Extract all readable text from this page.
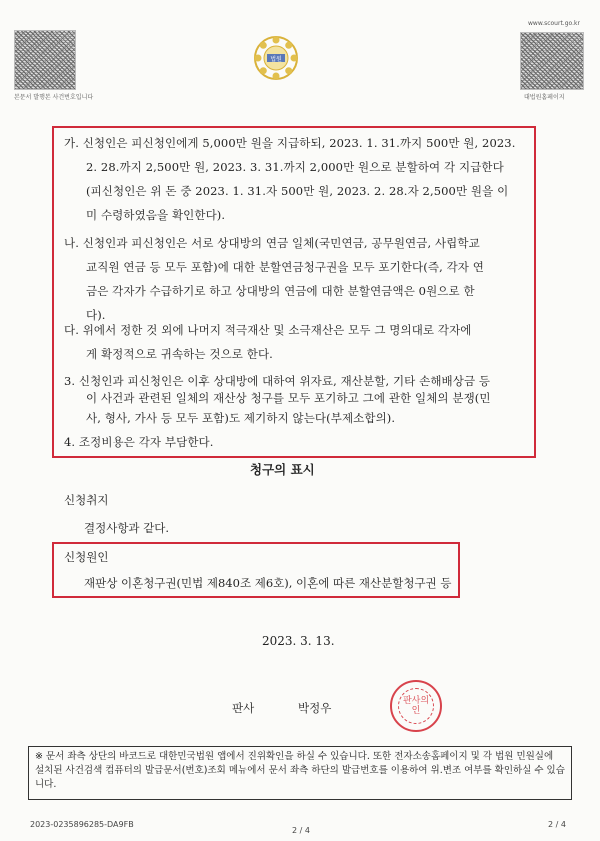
www.scourt.go.kr
본문서 발행본 사건번호입니다	대법원홈페이지
법원
가. 신청인은 피신청인에게 5,000만 원을 지급하되, 2023. 1. 31.까지 500만 원, 2023.
2. 28.까지 2,500만 원, 2023. 3. 31.까지 2,000만 원으로 분할하여 각 지급한다
(피신청인은 위 돈 중 2023. 1. 31.자 500만 원, 2023. 2. 28.자 2,500만 원을 이
미 수령하였음을 확인한다).
나. 신청인과 피신청인은 서로 상대방의 연금 일체(국민연금, 공무원연금, 사립학교
교직원 연금 등 모두 포함)에 대한 분할연금청구권을 모두 포기한다(즉, 각자 연
금은 각자가 수급하기로 하고 상대방의 연금에 대한 분할연금액은 0원으로 한
다).
다. 위에서 정한 것 외에 나머지 적극재산 및 소극재산은 모두 그 명의대로 각자에
게 확정적으로 귀속하는 것으로 한다.
3. 신청인과 피신청인은 이후 상대방에 대하여 위자료, 재산분할, 기타 손해배상금 등
이 사건과 관련된 일체의 재산상 청구를 모두 포기하고 그에 관한 일체의 분쟁(민
사, 형사, 가사 등 모두 포함)도 제기하지 않는다(부제소합의).
4. 조정비용은 각자 부담한다.
청구의 표시
신청취지
결정사항과 같다.
신청원인
재판상 이혼청구권(민법 제840조 제6호), 이혼에 따른 재산분할청구권 등
2023. 3. 13.
판사	박정우	판사의인
※ 문서 좌측 상단의 바코드로 대한민국법원 앱에서 진위확인을 하실 수 있습니다. 또한 전자소송홈페이지 및 각 법원 민원실에 설치된 사건검색 컴퓨터의 발급문서(번호)조회 메뉴에서 문서 좌측 하단의 발급번호를 이용하여 위.변조 여부를 확인하실 수 있습니다.
2023-0235896285-DA9FB
2 / 4
2 / 4
